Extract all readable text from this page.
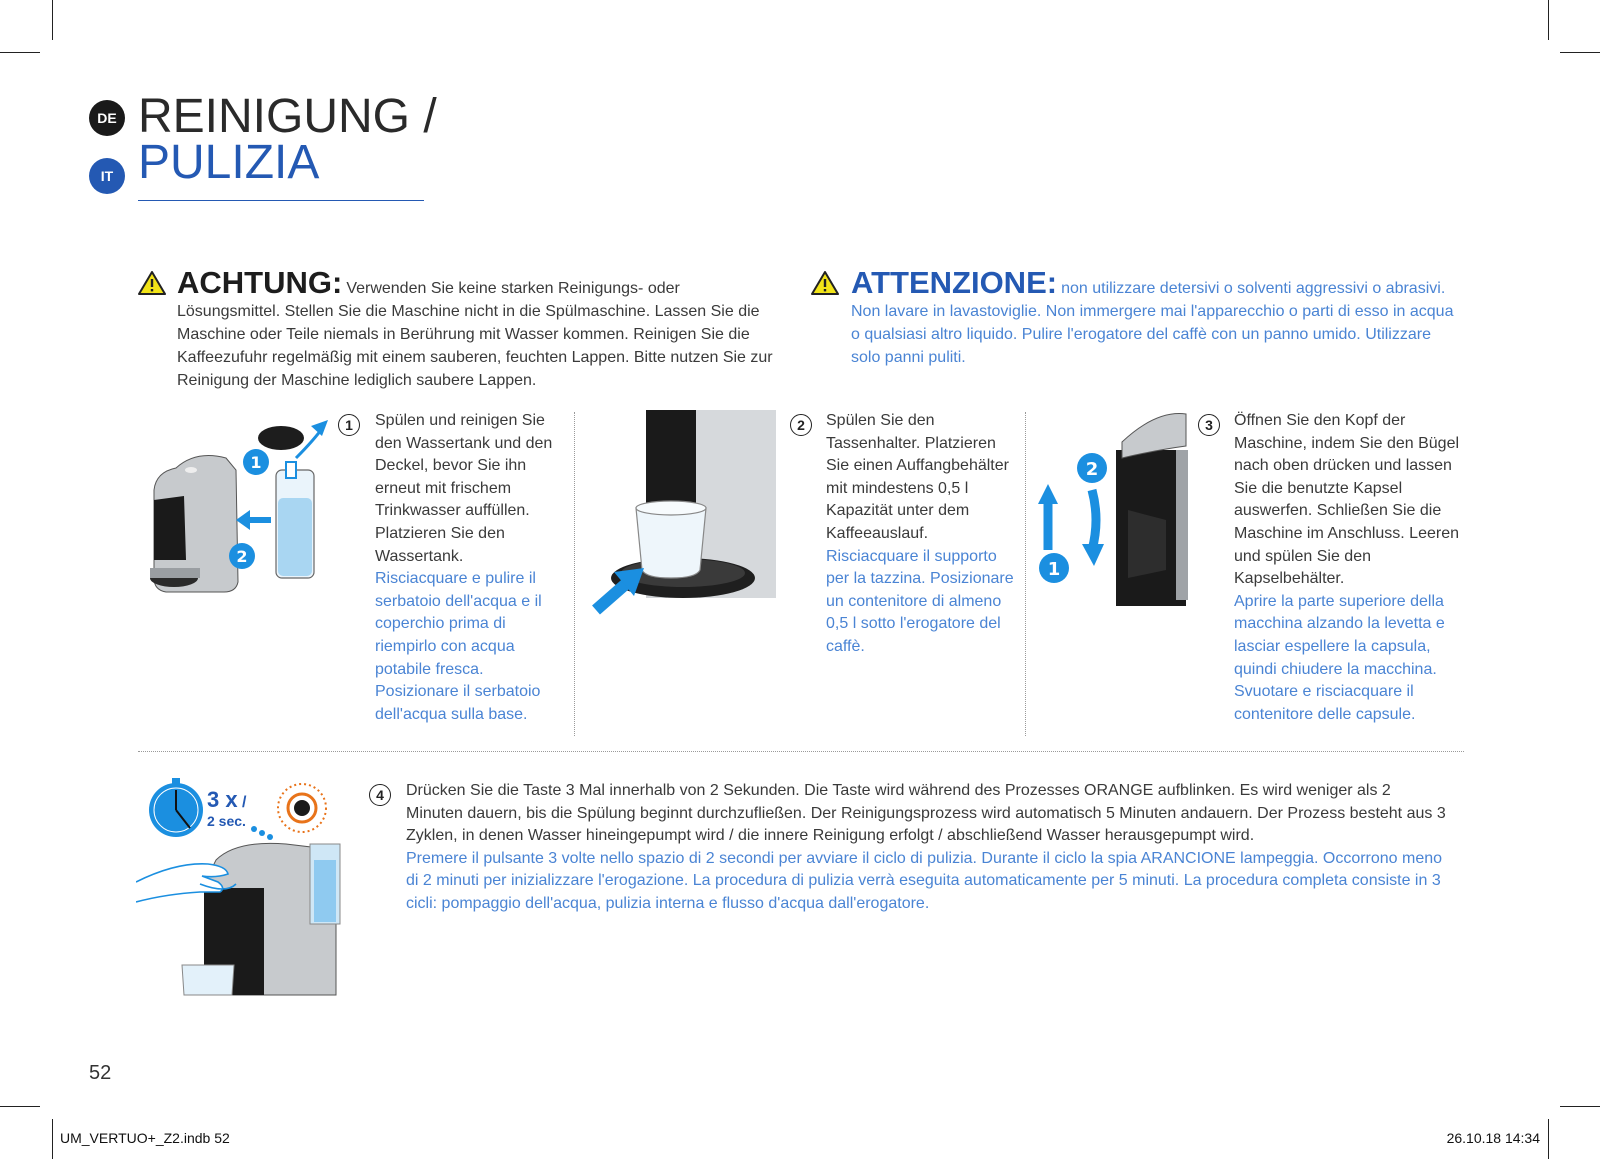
DE
IT
REINIGUNG /
PULIZIA
ACHTUNG: Verwenden Sie keine starken Reinigungs- oder Lösungsmittel. Stellen Sie die Maschine nicht in die Spülmaschine. Lassen Sie die Maschine oder Teile niemals in Berührung mit Wasser kommen. Reinigen Sie die Kaffeezufuhr regelmäßig mit einem sauberen, feuchten Lappen. Bitte nutzen Sie zur Reinigung der Maschine lediglich saubere Lappen.
ATTENZIONE: non utilizzare detersivi o solventi aggressivi o abrasivi. Non lavare in lavastoviglie. Non immergere mai l'apparecchio o parti di esso in acqua o qualsiasi altro liquido. Pulire l'erogatore del caffè con un panno umido. Utilizzare solo panni puliti.
1
2
1	Spülen und reinigen Sie den Wassertank und den Deckel, bevor Sie ihn erneut mit frischem Trinkwasser auffüllen. Platzieren Sie den Wassertank.
Risciacquare e pulire il serbatoio dell'acqua e il coperchio prima di riempirlo con acqua potabile fresca. Posizionare il serbatoio dell'acqua sulla base.
2	Spülen Sie den Tassenhalter. Platzieren Sie einen Auffangbehälter mit mindestens 0,5 l Kapazität unter dem Kaffeeauslauf.
Risciacquare il supporto per la tazzina. Posizionare un contenitore di almeno 0,5 l sotto l'erogatore del caffè.
2
1
3	Öffnen Sie den Kopf der Maschine, indem Sie den Bügel nach oben drücken und lassen Sie die benutzte Kapsel auswerfen. Schließen Sie die Maschine im Anschluss. Leeren und spülen Sie den Kapselbehälter.
Aprire la parte superiore della macchina alzando la levetta e lasciar espellere la capsula, quindi chiudere la macchina. Svuotare e risciacquare il contenitore delle capsule.
3 x /
2 sec.
4	Drücken Sie die Taste 3 Mal innerhalb von 2 Sekunden. Die Taste wird während des Prozesses ORANGE aufblinken. Es wird weniger als 2 Minuten dauern, bis die Spülung beginnt durchzufließen. Der Reinigungsprozess wird automatisch 5 Minuten andauern. Der Prozess besteht aus 3 Zyklen, in denen Wasser hineingepumpt wird / die innere Reinigung erfolgt / abschließend Wasser herausgepumpt wird.
Premere il pulsante 3 volte nello spazio di 2 secondi per avviare il ciclo di pulizia. Durante il ciclo la spia ARANCIONE lampeggia. Occorrono meno di 2 minuti per inizializzare l'erogazione. La procedura di pulizia verrà eseguita automaticamente per 5 minuti. La procedura completa consiste in 3 cicli: pompaggio dell'acqua, pulizia interna e flusso d'acqua dall'erogatore.
52
UM_VERTUO+_Z2.indb 52	26.10.18 14:34
